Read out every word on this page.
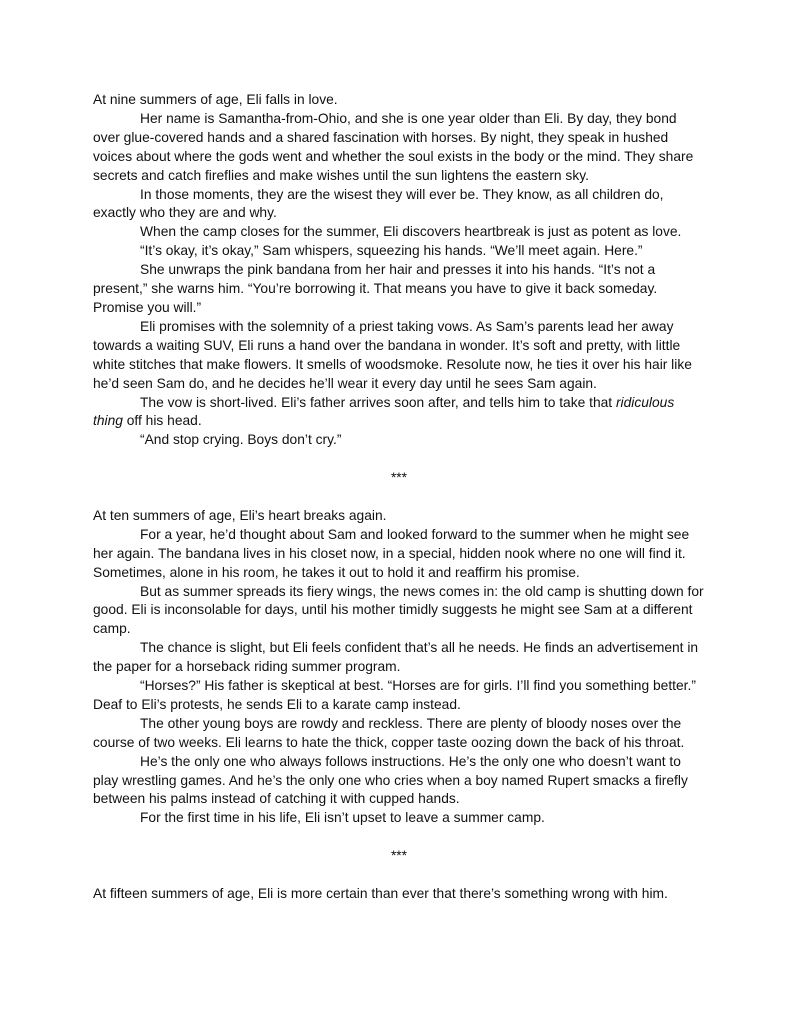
At nine summers of age, Eli falls in love.

Her name is Samantha-from-Ohio, and she is one year older than Eli. By day, they bond over glue-covered hands and a shared fascination with horses. By night, they speak in hushed voices about where the gods went and whether the soul exists in the body or the mind. They share secrets and catch fireflies and make wishes until the sun lightens the eastern sky.

In those moments, they are the wisest they will ever be. They know, as all children do, exactly who they are and why.

When the camp closes for the summer, Eli discovers heartbreak is just as potent as love.

“It’s okay, it’s okay,” Sam whispers, squeezing his hands. “We’ll meet again. Here.”

She unwraps the pink bandana from her hair and presses it into his hands. “It’s not a present,” she warns him. “You’re borrowing it. That means you have to give it back someday. Promise you will.”

Eli promises with the solemnity of a priest taking vows. As Sam’s parents lead her away towards a waiting SUV, Eli runs a hand over the bandana in wonder. It’s soft and pretty, with little white stitches that make flowers. It smells of woodsmoke. Resolute now, he ties it over his hair like he’d seen Sam do, and he decides he’ll wear it every day until he sees Sam again.

The vow is short-lived. Eli’s father arrives soon after, and tells him to take that ridiculous thing off his head.

“And stop crying. Boys don’t cry.”

***

At ten summers of age, Eli’s heart breaks again.

For a year, he’d thought about Sam and looked forward to the summer when he might see her again. The bandana lives in his closet now, in a special, hidden nook where no one will find it. Sometimes, alone in his room, he takes it out to hold it and reaffirm his promise.

But as summer spreads its fiery wings, the news comes in: the old camp is shutting down for good. Eli is inconsolable for days, until his mother timidly suggests he might see Sam at a different camp.

The chance is slight, but Eli feels confident that’s all he needs. He finds an advertisement in the paper for a horseback riding summer program.

“Horses?” His father is skeptical at best. “Horses are for girls. I’ll find you something better.” Deaf to Eli’s protests, he sends Eli to a karate camp instead.

The other young boys are rowdy and reckless. There are plenty of bloody noses over the course of two weeks. Eli learns to hate the thick, copper taste oozing down the back of his throat.

He’s the only one who always follows instructions. He’s the only one who doesn’t want to play wrestling games. And he’s the only one who cries when a boy named Rupert smacks a firefly between his palms instead of catching it with cupped hands.

For the first time in his life, Eli isn’t upset to leave a summer camp.

***

At fifteen summers of age, Eli is more certain than ever that there’s something wrong with him.
